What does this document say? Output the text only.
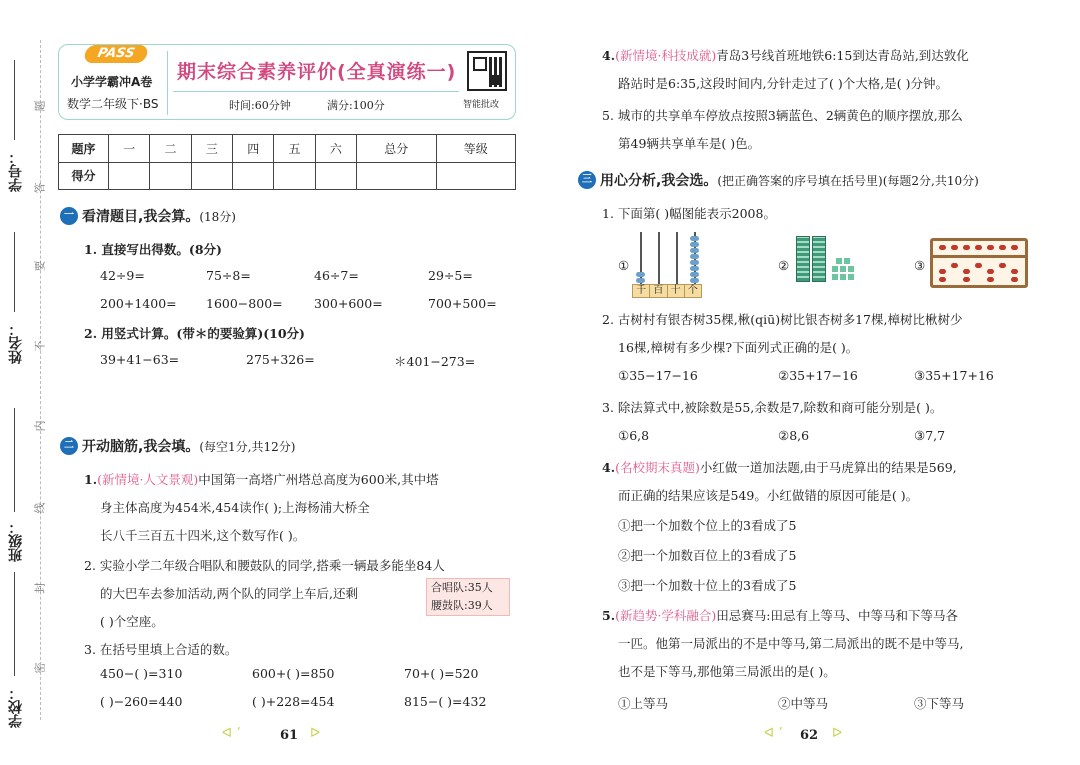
学号：
姓名：
班级：
学校：
题
答
要
不
内
线
封
密
PASS
小学学霸冲A卷
数学二年级下·BS
期末综合素养评价(全真演练一)
时间:60分钟	满分:100分	智能批改
题序	一	二	三	四	五	六	总分	等级
得分								
一 看清题目,我会算。 (18分)
1. 直接写出得数。(8分)
42÷9=	75÷8=	46÷7=	29÷5=
200+1400= 1600−800=	300+600=	700+500=
2. 用竖式计算。(带＊的要验算)(10分)
39+41−63=	275+326=	＊401−273=
二 开动脑筋,我会填。 (每空1分,共12分)
1.(新情境·人文景观)中国第一高塔广州塔总高度为600米,其中塔
身主体高度为454米,454读作( );上海杨浦大桥全
长八千三百五十四米,这个数写作( )。
2. 实验小学二年级合唱队和腰鼓队的同学,搭乘一辆最多能坐84人
的大巴车去参加活动,两个队的同学上车后,还剩
( )个空座。
合唱队:35人
腰鼓队:39人
3. 在括号里填上合适的数。
450−( )=310	600+( )=850	70+( )=520
( )−260=440	( )+228=454	815−( )=432
ᐊ ʼ	61 ᐅ
4.(新情境·科技成就)青岛3号线首班地铁6:15到达青岛站,到达敦化
路站时是6:35,这段时间内,分针走过了( )个大格,是( )分钟。
5. 城市的共享单车停放点按照3辆蓝色、2辆黄色的顺序摆放,那么
第49辆共享单车是( )色。
三 用心分析,我会选。 (把正确答案的序号填在括号里)(每题2分,共10分)
1. 下面第( )幅图能表示2008。
①
千 百 十 个
②	③
2. 古树村有银杏树35棵,楸(qiū)树比银杏树多17棵,樟树比楸树少
16棵,樟树有多少棵?下面列式正确的是( )。
①35−17−16	②35+17−16	③35+17+16
3. 除法算式中,被除数是55,余数是7,除数和商可能分别是( )。
①6,8	②8,6	③7,7
4.(名校期末真题)小红做一道加法题,由于马虎算出的结果是569,
而正确的结果应该是549。小红做错的原因可能是( )。
①把一个加数个位上的3看成了5
②把一个加数百位上的3看成了5
③把一个加数十位上的3看成了5
5.(新趋势·学科融合)田忌赛马:田忌有上等马、中等马和下等马各
一匹。他第一局派出的不是中等马,第二局派出的既不是中等马,
也不是下等马,那他第三局派出的是( )。
①上等马	②中等马	③下等马
ᐊ ʼ 62 ᐅ
